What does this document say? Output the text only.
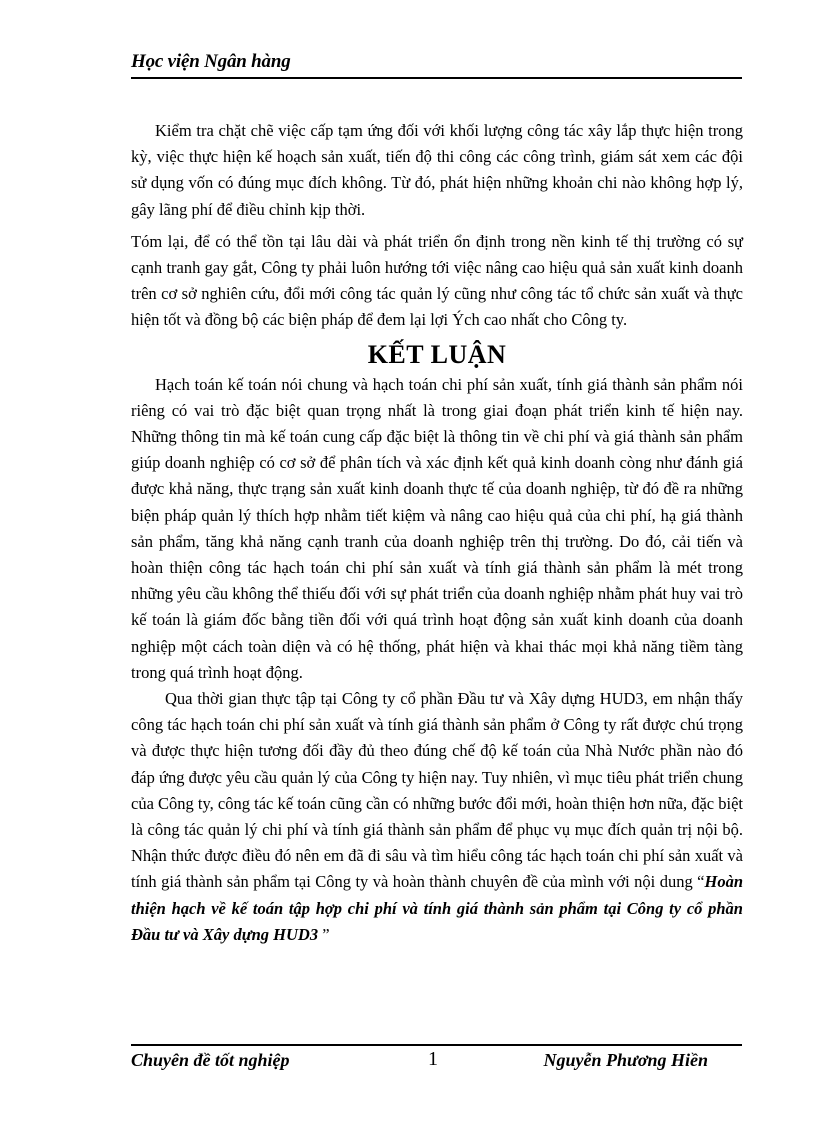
Học viện Ngân hàng

Kiểm tra chặt chẽ việc cấp tạm ứng đối với khối lượng công tác xây lắp thực hiện trong kỳ, việc thực hiện kế hoạch sản xuất, tiến độ thi công các công trình, giám sát xem các đội sử dụng vốn có đúng mục đích không. Từ đó, phát hiện những khoản chi nào không hợp lý, gây lãng phí để điều chỉnh kịp thời.

Tóm lại, để có thể tồn tại lâu dài và phát triển ổn định trong nền kinh tế thị trường có sự cạnh tranh gay gắt, Công ty phải luôn hướng tới việc nâng cao hiệu quả sản xuất kinh doanh trên cơ sở nghiên cứu, đổi mới công tác quản lý cũng như công tác tổ chức sản xuất và thực hiện tốt và đồng bộ các biện pháp để đem lại lợi Ých cao nhất cho Công ty.

KẾT LUẬN

Hạch toán kế toán nói chung và hạch toán chi phí sản xuất, tính giá thành sản phẩm nói riêng có vai trò đặc biệt quan trọng nhất là trong giai đoạn phát triển kinh tế hiện nay. Những thông tin mà kế toán cung cấp đặc biệt là thông tin về chi phí và giá thành sản phẩm giúp doanh nghiệp có cơ sở để phân tích và xác định kết quả kinh doanh còng như đánh giá được khả năng, thực trạng sản xuất kinh doanh thực tế của doanh nghiệp, từ đó đề ra những biện pháp quản lý thích hợp nhằm tiết kiệm và nâng cao hiệu quả của chi phí, hạ giá thành sản phẩm, tăng khả năng cạnh tranh của doanh nghiệp trên thị trường. Do đó, cải tiến và hoàn thiện công tác hạch toán chi phí sản xuất và tính giá thành sản phẩm là mét trong những yêu cầu không thể thiếu đối với sự phát triển của doanh nghiệp nhằm phát huy vai trò kế toán là giám đốc bằng tiền đối với quá trình hoạt động sản xuất kinh doanh của doanh nghiệp một cách toàn diện và có hệ thống, phát hiện và khai thác mọi khả năng tiềm tàng trong quá trình hoạt động.

Qua thời gian thực tập tại Công ty cổ phần Đầu tư và Xây dựng HUD3, em nhận thấy công tác hạch toán chi phí sản xuất và tính giá thành sản phẩm ở Công ty rất được chú trọng và được thực hiện tương đối đầy đủ theo đúng chế độ kế toán của Nhà Nước phần nào đó đáp ứng được yêu cầu quản lý của Công ty hiện nay. Tuy nhiên, vì mục tiêu phát triển chung của Công ty, công tác kế toán cũng cần có những bước đổi mới, hoàn thiện hơn nữa, đặc biệt là công tác quản lý chi phí và tính giá thành sản phẩm để phục vụ mục đích quản trị nội bộ. Nhận thức được điều đó nên em đã đi sâu và tìm hiểu công tác hạch toán chi phí sản xuất và tính giá thành sản phẩm tại Công ty và hoàn thành chuyên đề của mình với nội dung “Hoàn thiện hạch về kế toán tập hợp chi phí và tính giá thành sản phẩm tại Công ty cổ phần Đầu tư và Xây dựng HUD3 ”

Chuyên đề tốt nghiệp	1	Nguyễn Phương Hiền
